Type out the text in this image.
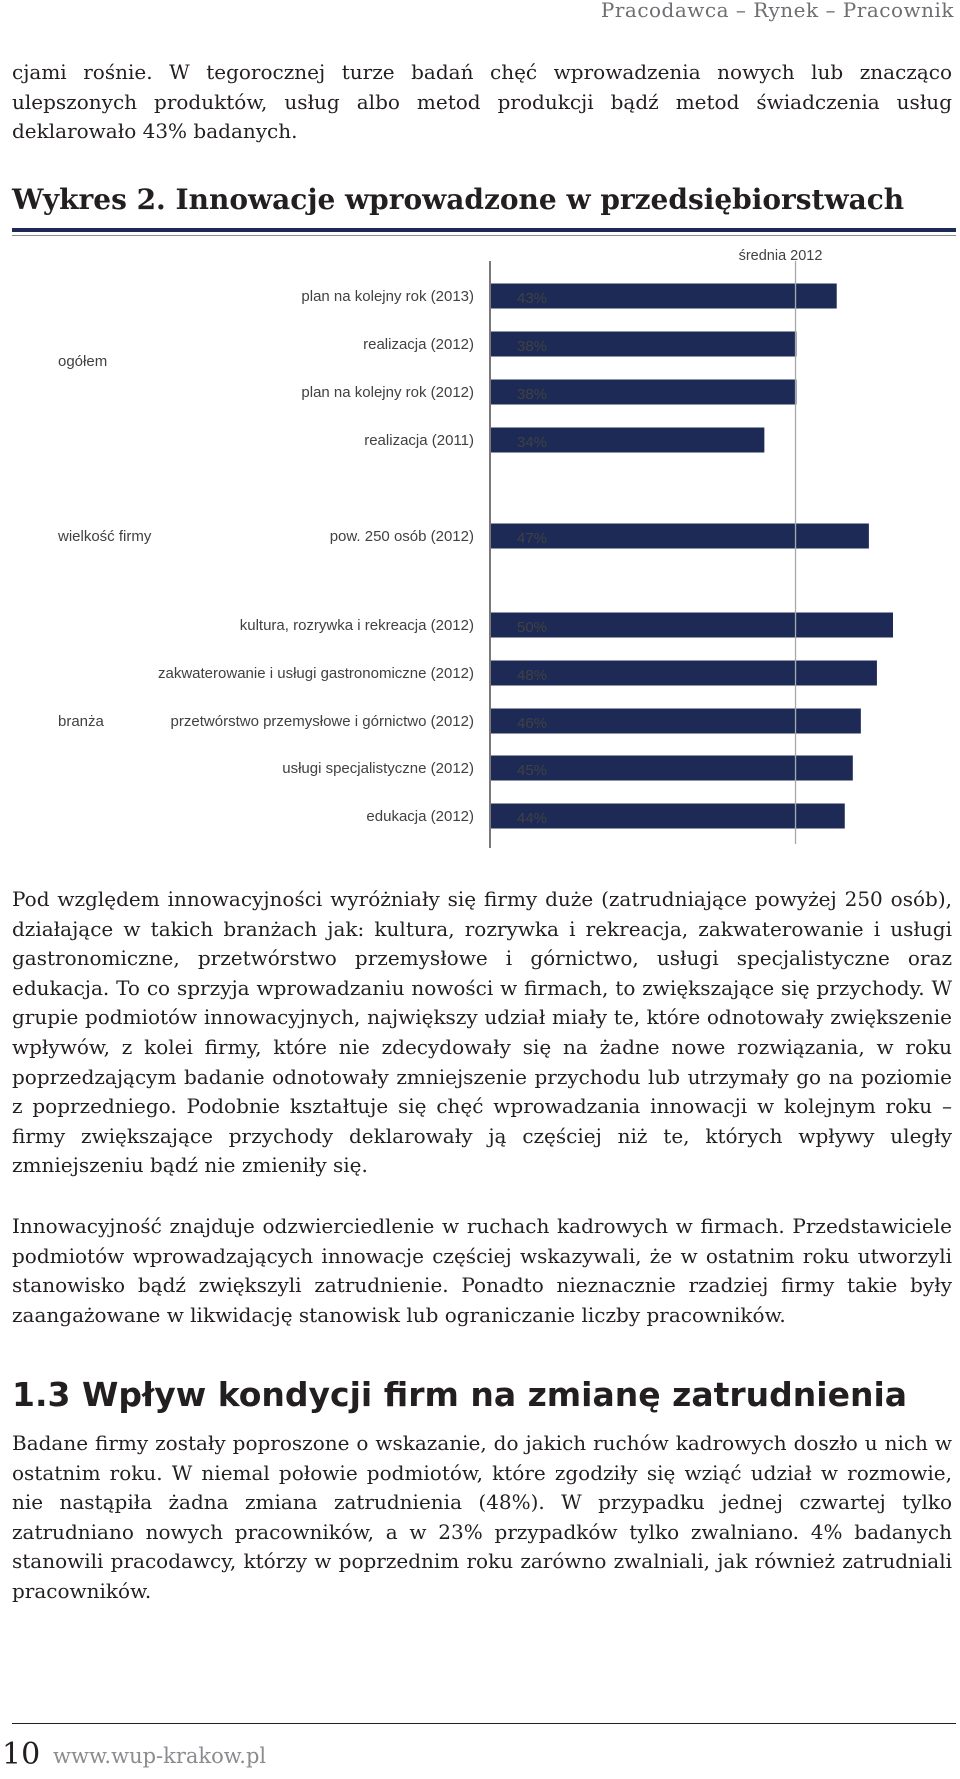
Pracodawca – Rynek – Pracownik

cjami rośnie. W tegorocznej turze badań chęć wprowadzenia nowych lub znacząco ulepszonych produktów, usług albo metod produkcji bądź metod świadczenia usług deklarowało 43% badanych.

Wykres 2. Innowacje wprowadzone w przedsiębiorstwach
ogółem
plan na kolejny rok (2013)	43%
realizacja (2012)	38%
plan na kolejny rok (2012)	38%
realizacja (2011)	34%
wielkość firmy	pow. 250 osób (2012)	47%
branża
kultura, rozrywka i rekreacja (2012)	50%
zakwaterowanie i usługi gastronomiczne (2012)	48%
przetwórstwo przemysłowe i górnictwo (2012)	46%
usługi specjalistyczne (2012)	45%
edukacja (2012)	44%
średnia 2012

Pod względem innowacyjności wyróżniały się firmy duże (zatrudniające powyżej 250 osób), działające w takich branżach jak: kultura, rozrywka i rekreacja, zakwaterowanie i usługi gastronomiczne, przetwórstwo przemysłowe i górnictwo, usługi specjalistyczne oraz edukacja. To co sprzyja wprowadzaniu nowości w firmach, to zwiększające się przychody. W grupie podmiotów innowacyjnych, największy udział miały te, które odnotowały zwiększenie wpływów, z kolei firmy, które nie zdecydowały się na żadne nowe rozwiązania, w roku poprzedzającym badanie odnotowały zmniejszenie przychodu lub utrzymały go na poziomie z poprzedniego. Podobnie kształtuje się chęć wprowadzania innowacji w kolejnym roku – firmy zwiększające przychody deklarowały ją częściej niż te, których wpływy uległy zmniejszeniu bądź nie zmieniły się.

Innowacyjność znajduje odzwierciedlenie w ruchach kadrowych w firmach. Przedstawiciele podmiotów wprowadzających innowacje częściej wskazywali, że w ostatnim roku utworzyli stanowisko bądź zwiększyli zatrudnienie. Ponadto nieznacznie rzadziej firmy takie były zaangażowane w likwidację stanowisk lub ograniczanie liczby pracowników.

1.3 Wpływ kondycji firm na zmianę zatrudnienia

Badane firmy zostały poproszone o wskazanie, do jakich ruchów kadrowych doszło u nich w ostatnim roku. W niemal połowie podmiotów, które zgodziły się wziąć udział w rozmowie, nie nastąpiła żadna zmiana zatrudnienia (48%). W przypadku jednej czwartej tylko zatrudniano nowych pracowników, a w 23% przypadków tylko zwalniano. 4% badanych stanowili pracodawcy, którzy w poprzednim roku zarówno zwalniali, jak również zatrudniali pracowników.

10 www.wup-krakow.pl
